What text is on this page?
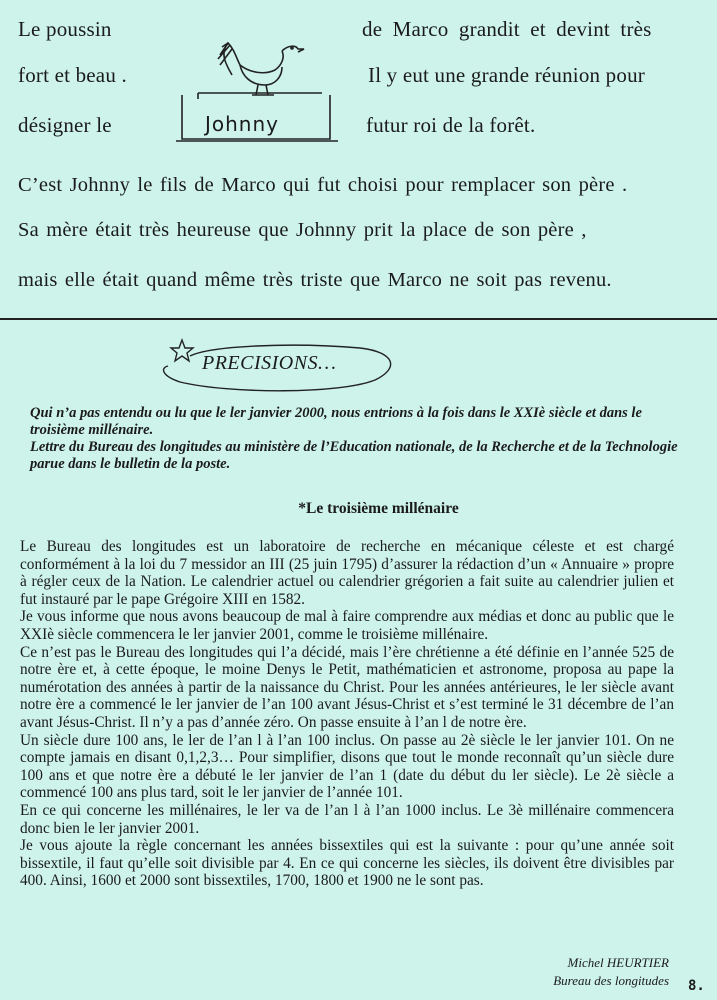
Le poussin	de Marco grandit et devint très
fort et beau .	Il y eut une grande réunion pour
désigner le	futur roi de la forêt.
Johnny
C’est Johnny le fils de Marco qui fut choisi pour remplacer son père .
Sa mère était très heureuse que Johnny prit la place de son père ,
mais elle était quand même très triste que Marco ne soit pas revenu.
PRECISIONS…

Qui n’a pas entendu ou lu que le ler janvier 2000, nous entrions à la fois dans le XXIè siècle et dans le troisième millénaire.

Lettre du Bureau des longitudes au ministère de l’Education nationale, de la Recherche et de la Technologie parue dans le bulletin de la poste.

*Le troisième millénaire

Le Bureau des longitudes est un laboratoire de recherche en mécanique céleste et est chargé conformément à la loi du 7 messidor an III (25 juin 1795) d’assurer la rédaction d’un « Annuaire » propre à régler ceux de la Nation. Le calendrier actuel ou calendrier grégorien a fait suite au calendrier julien et fut instauré par le pape Grégoire XIII en 1582.

Je vous informe que nous avons beaucoup de mal à faire comprendre aux médias et donc au public que le XXIè siècle commencera le ler janvier 2001, comme le troisième millénaire.

Ce n’est pas le Bureau des longitudes qui l’a décidé, mais l’ère chrétienne a été définie en l’année 525 de notre ère et, à cette époque, le moine Denys le Petit, mathématicien et astronome, proposa au pape la numérotation des années à partir de la naissance du Christ. Pour les années antérieures, le ler siècle avant notre ère a commencé le ler janvier de l’an 100 avant Jésus-Christ et s’est terminé le 31 décembre de l’an avant Jésus-Christ. Il n’y a pas d’année zéro. On passe ensuite à l’an l de notre ère.

Un siècle dure 100 ans, le ler de l’an l à l’an 100 inclus. On passe au 2è siècle le ler janvier 101. On ne compte jamais en disant 0,1,2,3… Pour simplifier, disons que tout le monde reconnaît qu’un siècle dure 100 ans et que notre ère a débuté le ler janvier de l’an 1 (date du début du ler siècle). Le 2è siècle a commencé 100 ans plus tard, soit le ler janvier de l’année 101.

En ce qui concerne les millénaires, le ler va de l’an l à l’an 1000 inclus. Le 3è millénaire commencera donc bien le ler janvier 2001.

Je vous ajoute la règle concernant les années bissextiles qui est la suivante : pour qu’une année soit bissextile, il faut qu’elle soit divisible par 4. En ce qui concerne les siècles, ils doivent être divisibles par 400. Ainsi, 1600 et 2000 sont bissextiles, 1700, 1800 et 1900 ne le sont pas.

Michel HEURTIER
Bureau des longitudes 8.
